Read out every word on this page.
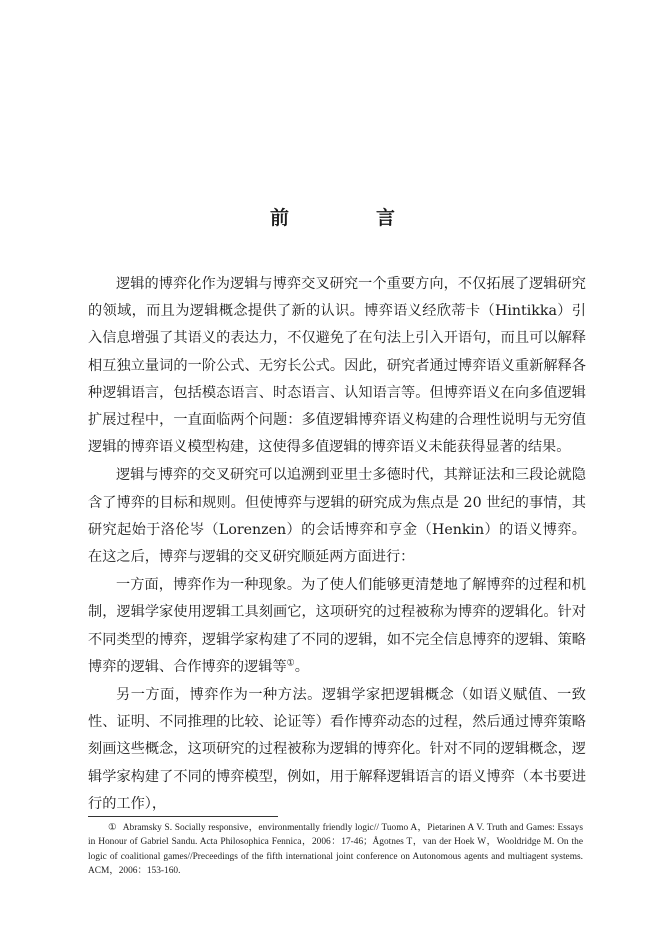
前　言

逻辑的博弈化作为逻辑与博弈交叉研究一个重要方向，不仅拓展了逻辑研究的领域，而且为逻辑概念提供了新的认识。博弈语义经欣蒂卡（Hintikka）引入信息增强了其语义的表达力，不仅避免了在句法上引入开语句，而且可以解释相互独立量词的一阶公式、无穷长公式。因此，研究者通过博弈语义重新解释各种逻辑语言，包括模态语言、时态语言、认知语言等。但博弈语义在向多值逻辑扩展过程中，一直面临两个问题：多值逻辑博弈语义构建的合理性说明与无穷值逻辑的博弈语义模型构建，这使得多值逻辑的博弈语义未能获得显著的结果。

逻辑与博弈的交叉研究可以追溯到亚里士多德时代，其辩证法和三段论就隐含了博弈的目标和规则。但使博弈与逻辑的研究成为焦点是 20 世纪的事情，其研究起始于洛伦岑（Lorenzen）的会话博弈和亨金（Henkin）的语义博弈。在这之后，博弈与逻辑的交叉研究顺延两方面进行：

一方面，博弈作为一种现象。为了使人们能够更清楚地了解博弈的过程和机制，逻辑学家使用逻辑工具刻画它，这项研究的过程被称为博弈的逻辑化。针对不同类型的博弈，逻辑学家构建了不同的逻辑，如不完全信息博弈的逻辑、策略博弈的逻辑、合作博弈的逻辑等①。

另一方面，博弈作为一种方法。逻辑学家把逻辑概念（如语义赋值、一致性、证明、不同推理的比较、论证等）看作博弈动态的过程，然后通过博弈策略刻画这些概念，这项研究的过程被称为逻辑的博弈化。针对不同的逻辑概念，逻辑学家构建了不同的博弈模型，例如，用于解释逻辑语言的语义博弈（本书要进行的工作），

① Abramsky S. Socially responsive，environmentally friendly logic// Tuomo A，Pietarinen A V. Truth and Games: Essays in Honour of Gabriel Sandu. Acta Philosophica Fennica，2006：17-46；Ågotnes T，van der Hoek W，Wooldridge M. On the logic of coalitional games//Preceedings of the fifth international joint conference on Autonomous agents and multiagent systems. ACM，2006：153-160.
